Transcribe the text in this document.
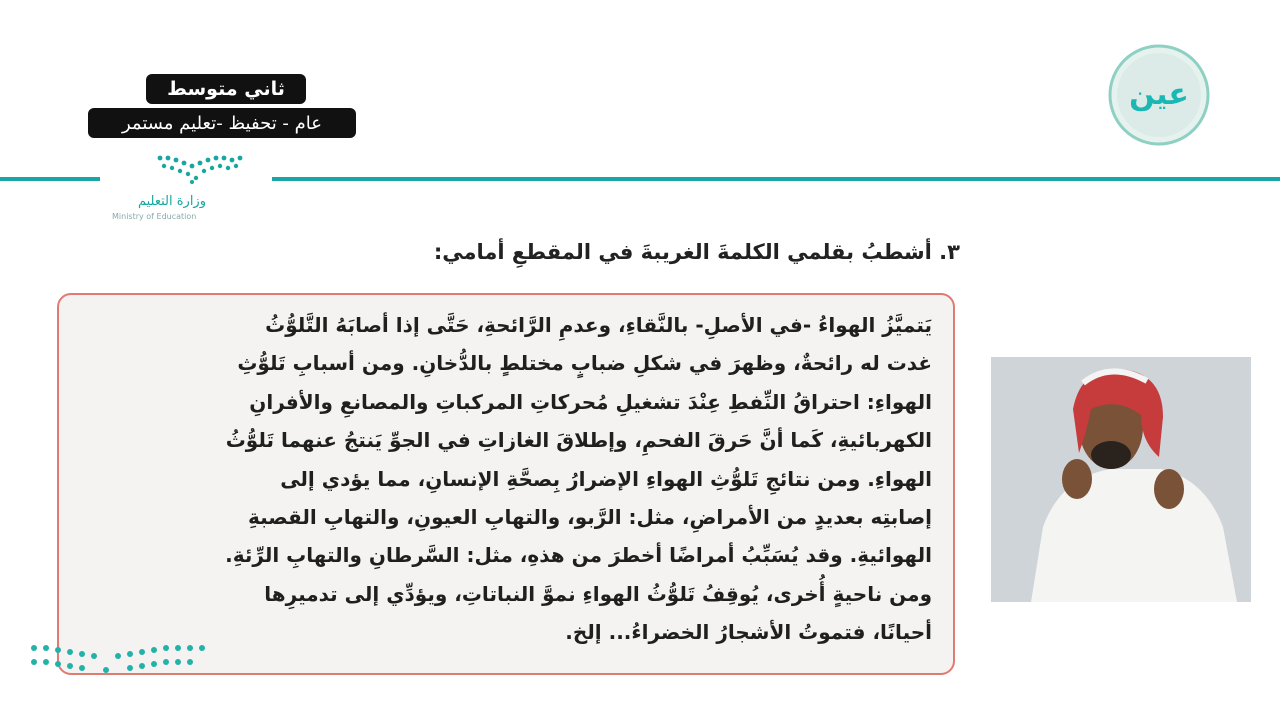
ثاني متوسط
عام - تحفيظ -تعليم مستمر
وزارة التعليم
Ministry of Education
عين
٣. أشطبُ بقلمي الكلمةَ الغريبةَ في المقطعِ أمامي:
يَتميَّزُ الهواءُ -في الأصلِ- بالنَّقاءِ، وعدمِ الرَّائحةِ، حَتَّى إذا أصابَهُ التَّلوُّثُ
غدت له رائحةٌ، وظهرَ في شكلِ ضبابٍ مختلطٍ بالدُّخانِ. ومن أسبابِ تَلوُّثِ
الهواءِ: احتراقُ النِّفطِ عِنْدَ تشغيلِ مُحركاتِ المركباتِ والمصانعِ والأفرانِ
الكهربائيةِ، كَما أنَّ حَرقَ الفحمِ، وإطلاقَ الغازاتِ في الجوِّ يَنتجُ عنهما تَلوُّثُ
الهواءِ. ومن نتائجِ تَلوُّثِ الهواءِ الإضرارُ بِصحَّةِ الإنسانِ، مما يؤدي إلى
إصابتِه بعديدٍ من الأمراضِ، مثل: الرَّبو، والتهابِ العيونِ، والتهابِ القصبةِ
الهوائيةِ. وقد يُسَبِّبُ أمراضًا أخطرَ من هذهِ، مثل: السَّرطانِ والتهابِ الرِّئةِ.
ومن ناحيةٍ أُخرى، يُوقِفُ تَلوُّثُ الهواءِ نموَّ النباتاتِ، ويؤدِّي إلى تدميرِها
أحيانًا، فتموتُ الأشجارُ الخضراءُ... إلخ.
